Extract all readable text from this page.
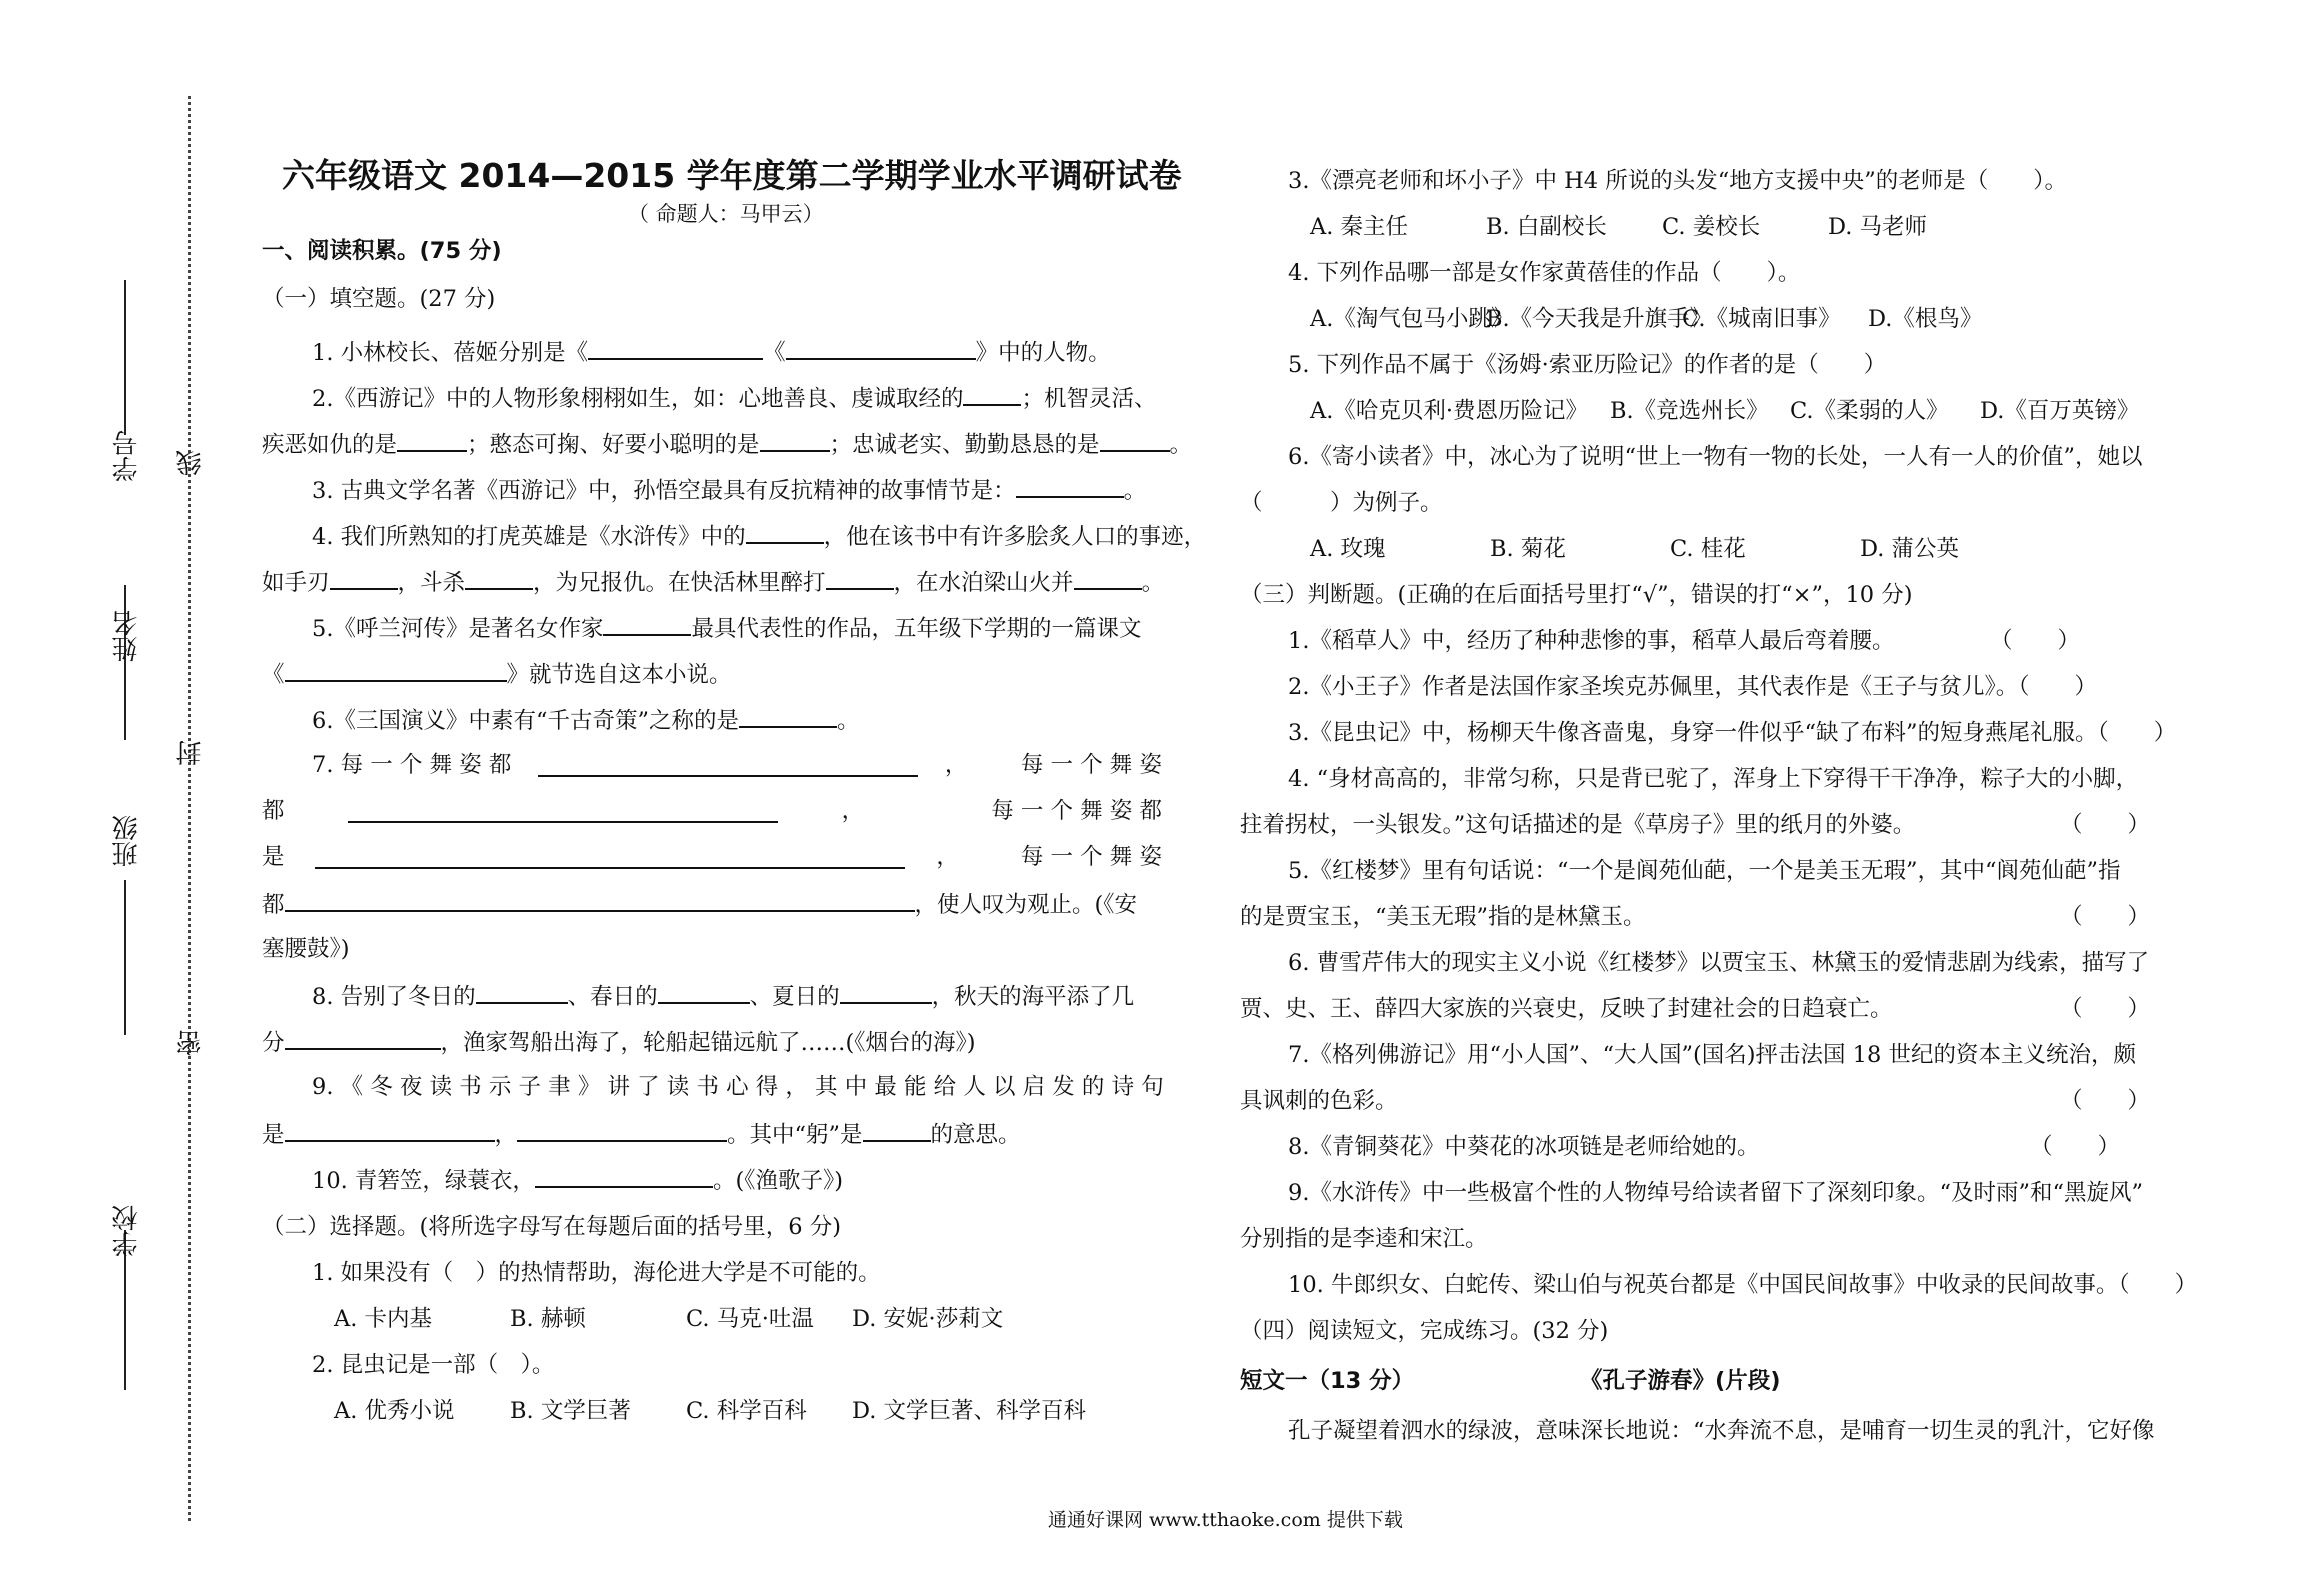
学号
姓名
班级
学校
线
封
密
六年级语文 2014—2015 学年度第二学期学业水平调研试卷
（ 命题人：马甲云）
一、阅读积累。(75 分)
（一）填空题。(27 分)
1. 小林校长、蓓姬分别是《	《	》中的人物。
2.《西游记》中的人物形象栩栩如生，如：心地善良、虔诚取经的	；机智灵活、
疾恶如仇的是	；憨态可掬、好要小聪明的是	；忠诚老实、勤勤恳恳的是	。
3. 古典文学名著《西游记》中，孙悟空最具有反抗精神的故事情节是：	。
4. 我们所熟知的打虎英雄是《水浒传》中的	，他在该书中有许多脍炙人口的事迹，
如手刃	，斗杀	，为兄报仇。在快活林里醉打	，在水泊梁山火并	。
5.《呼兰河传》是著名女作家	最具代表性的作品，五年级下学期的一篇课文
《	》就节选自这本小说。
6.《三国演义》中素有“千古奇策”之称的是	。
7. 每 一 个 舞 姿 都	， 每 一 个 舞 姿
都	，	每 一 个 舞 姿 都
是	，	每 一 个 舞 姿
都	，使人叹为观止。(《安
塞腰鼓》)
8. 告别了冬日的	、春日的	、夏日的	，秋天的海平添了几
分	，渔家驾船出海了，轮船起锚远航了……(《烟台的海》)
9. 《 冬 夜 读 书 示 子 聿 》 讲 了 读 书 心 得 ， 其 中 最 能 给 人 以 启 发 的 诗 句
是	，	。其中“躬”是	的意思。
10. 青箬笠，绿蓑衣，	。(《渔歌子》)
（二）选择题。(将所选字母写在每题后面的括号里，6 分)
1. 如果没有（　）的热情帮助，海伦进大学是不可能的。
A. 卡内基	B. 赫顿	C. 马克·吐温 D. 安妮·莎莉文
2. 昆虫记是一部（　）。
A. 优秀小说 B. 文学巨著 C. 科学百科 D. 文学巨著、科学百科
3.《漂亮老师和坏小子》中 H4 所说的头发“地方支援中央”的老师是（　　）。
A. 秦主任	B. 白副校长 C. 姜校长	D. 马老师
4. 下列作品哪一部是女作家黄蓓佳的作品（　　）。
A.《淘气包马小跳》B.《今天我是升旗手》C.《城南旧事》 D.《根鸟》
5. 下列作品不属于《汤姆·索亚历险记》的作者的是（　　）
A.《哈克贝利·费恩历险记》 B.《竞选州长》 C.《柔弱的人》 D.《百万英镑》
6.《寄小读者》中，冰心为了说明“世上一物有一物的长处，一人有一人的价值”，她以
（　　　）为例子。
A. 玫瑰	B. 菊花	C. 桂花	D. 蒲公英
（三）判断题。(正确的在后面括号里打“√”，错误的打“×”，10 分)
1.《稻草人》中，经历了种种悲惨的事，稻草人最后弯着腰。	（　　）
2.《小王子》作者是法国作家圣埃克苏佩里，其代表作是《王子与贫儿》。（　　）
3.《昆虫记》中，杨柳天牛像吝啬鬼，身穿一件似乎“缺了布料”的短身燕尾礼服。（　　）
4. “身材高高的，非常匀称，只是背已驼了，浑身上下穿得干干净净，粽子大的小脚，
拄着拐杖，一头银发。”这句话描述的是《草房子》里的纸月的外婆。	（　　）
5.《红楼梦》里有句话说：“一个是阆苑仙葩，一个是美玉无瑕”，其中“阆苑仙葩”指
的是贾宝玉，“美玉无瑕”指的是林黛玉。	（　　）
6. 曹雪芹伟大的现实主义小说《红楼梦》以贾宝玉、林黛玉的爱情悲剧为线索，描写了
贾、史、王、薛四大家族的兴衰史，反映了封建社会的日趋衰亡。	（　　）
7.《格列佛游记》用“小人国”、“大人国”(国名)抨击法国 18 世纪的资本主义统治，颇
具讽刺的色彩。	（　　）
8.《青铜葵花》中葵花的冰项链是老师给她的。	（　　）
9.《水浒传》中一些极富个性的人物绰号给读者留下了深刻印象。“及时雨”和“黑旋风”
分别指的是李逵和宋江。
10. 牛郎织女、白蛇传、梁山伯与祝英台都是《中国民间故事》中收录的民间故事。（　　）
（四）阅读短文，完成练习。(32 分)
短文一（13 分）	《孔子游春》(片段)
孔子凝望着泗水的绿波，意味深长地说：“水奔流不息，是哺育一切生灵的乳汁，它好像
通通好课网 www.tthaoke.com 提供下载
